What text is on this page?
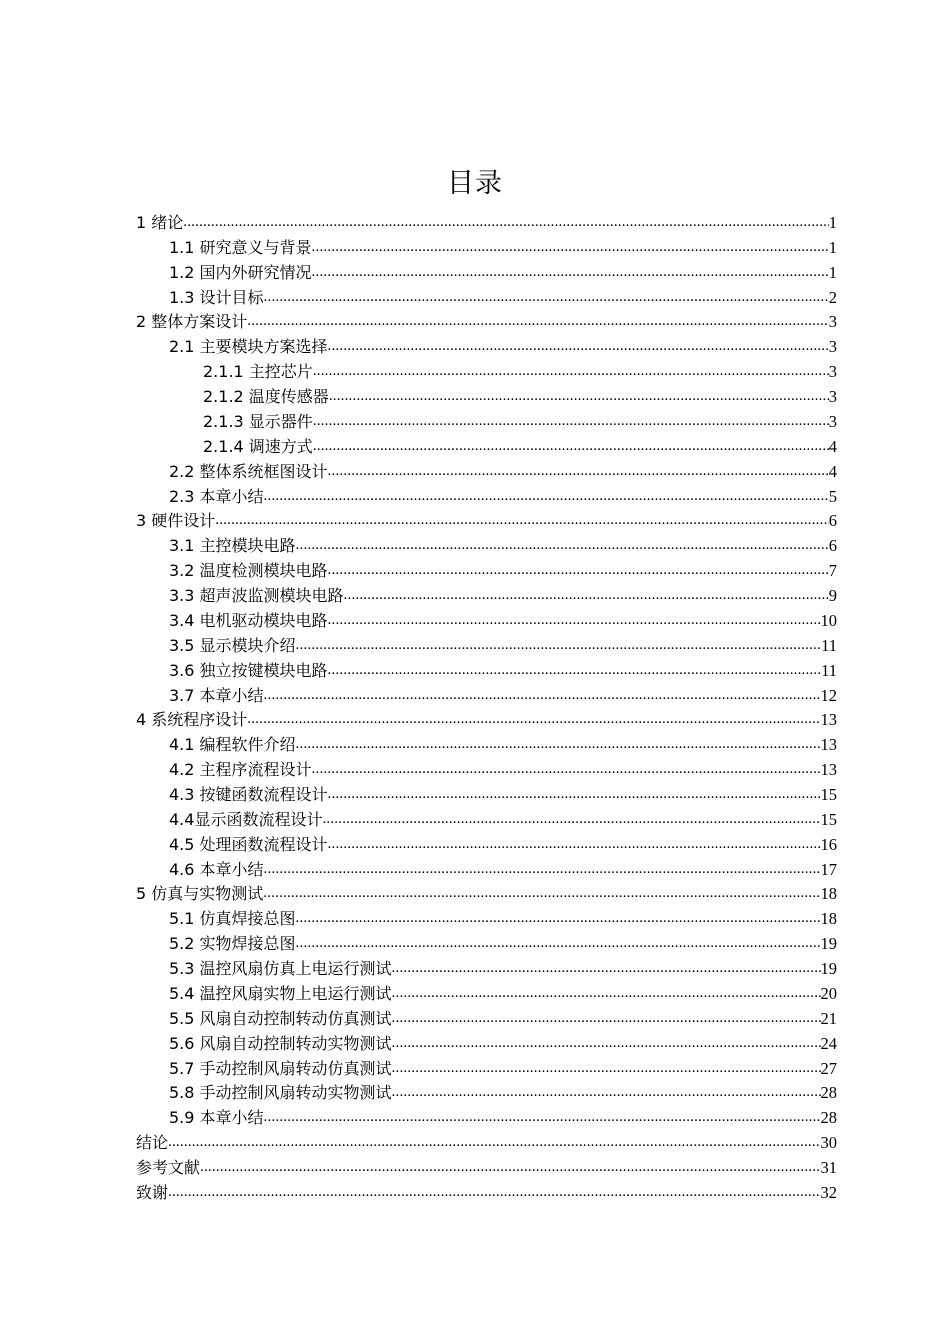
目录
1 绪论 .....	1
1.1 研究意义与背景 .....	1
1.2 国内外研究情况 .....	1
1.3 设计目标 .....	2
2 整体方案设计 .....	3
2.1 主要模块方案选择 .....	3
2.1.1 主控芯片 .....	3
2.1.2 温度传感器 .....	3
2.1.3 显示器件 .....	3
2.1.4 调速方式 .....	4
2.2 整体系统框图设计 .....	4
2.3 本章小结 .....	5
3 硬件设计 .....	6
3.1 主控模块电路 .....	6
3.2 温度检测模块电路 .....	7
3.3 超声波监测模块电路 .....	9
3.4 电机驱动模块电路 .....	10
3.5 显示模块介绍 .....	11
3.6 独立按键模块电路 .....	11
3.7 本章小结 .....	12
4 系统程序设计 .....	13
4.1 编程软件介绍 .....	13
4.2 主程序流程设计 .....	13
4.3 按键函数流程设计 .....	15
4.4显示函数流程设计 .....	15
4.5 处理函数流程设计 .....	16
4.6 本章小结 .....	17
5 仿真与实物测试 .....	18
5.1 仿真焊接总图 .....	18
5.2 实物焊接总图 .....	19
5.3 温控风扇仿真上电运行测试 .....	19
5.4 温控风扇实物上电运行测试 .....	20
5.5 风扇自动控制转动仿真测试 .....	21
5.6 风扇自动控制转动实物测试 .....	24
5.7 手动控制风扇转动仿真测试 .....	27
5.8 手动控制风扇转动实物测试 .....	28
5.9 本章小结 .....	28
结论 .....	30
参考文献 .....	31
致谢 .....	32
